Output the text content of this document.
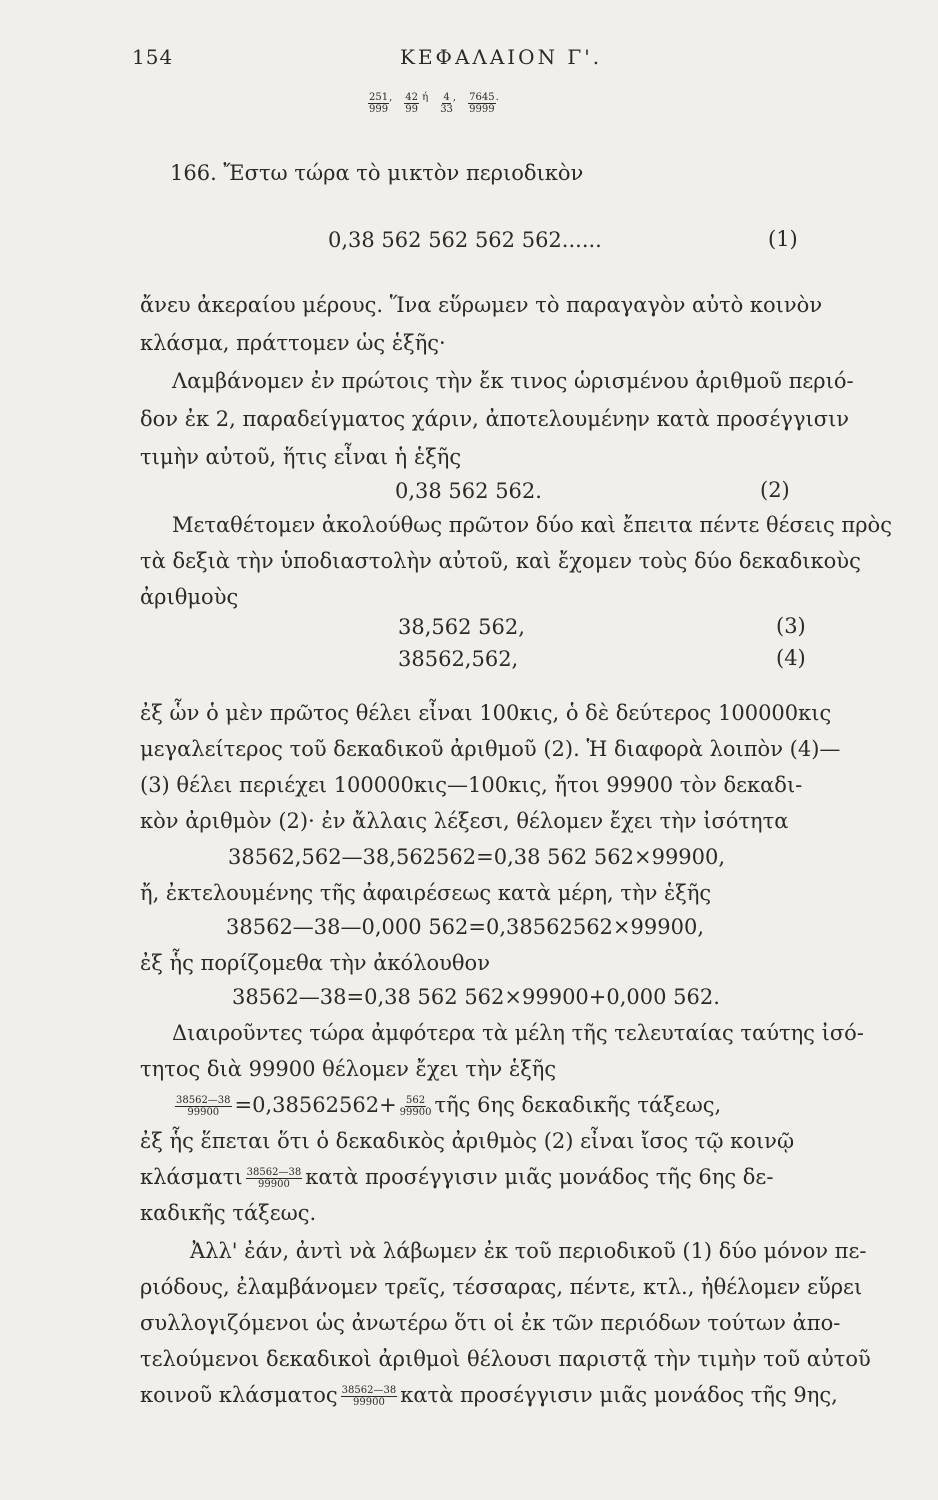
154	ΚΕΦΑΛΑΙΟΝ Γ'.
$\frac{251}{999}$ , $\frac{42}{99}$ ή $\frac{4}{33}$ , $\frac{7645}{9999}$ .
166. Ἔστω τώρα τὸ μικτὸν περιοδικὸν
0,38 562 562 562 562......	(1)
ἄνευ ἀκεραίου μέρους. Ἵνα εὕρωμεν τὸ παραγαγὸν αὐτὸ κοινὸν
κλάσμα, πράττομεν ὡς ἑξῆς·
Λαμβάνομεν ἐν πρώτοις τὴν ἔκ τινος ὡρισμένου ἀριθμοῦ περιό-
δον ἐκ 2, παραδείγματος χάριν, ἀποτελουμένην κατὰ προσέγγισιν
τιμὴν αὐτοῦ, ἥτις εἶναι ἡ ἑξῆς
0,38 562 562.	(2)
Μεταθέτομεν ἀκολούθως πρῶτον δύο καὶ ἔπειτα πέντε θέσεις πρὸς
τὰ δεξιὰ τὴν ὑποδιαστολὴν αὐτοῦ, καὶ ἔχομεν τοὺς δύο δεκαδικοὺς
ἀριθμοὺς
38,562 562,	(3)
38562,562,	(4)
ἐξ ὧν ὁ μὲν πρῶτος θέλει εἶναι 100κις, ὁ δὲ δεύτερος 100000κις
μεγαλείτερος τοῦ δεκαδικοῦ ἀριθμοῦ (2). Ἡ διαφορὰ λοιπὸν (4)—
(3) θέλει περιέχει 100000κις—100κις, ἤτοι 99900 τὸν δεκαδι-
κὸν ἀριθμὸν (2)· ἐν ἄλλαις λέξεσι, θέλομεν ἔχει τὴν ἰσότητα
38562,562—38,562562=0,38 562 562×99900,
ἤ, ἐκτελουμένης τῆς ἀφαιρέσεως κατὰ μέρη, τὴν ἑξῆς
38562—38—0,000 562=0,38562562×99900,
ἐξ ἧς πορίζομεθα τὴν ἀκόλουθον
38562—38=0,38 562 562×99900+0,000 562.
Διαιροῦντες τώρα ἀμφότερα τὰ μέλη τῆς τελευταίας ταύτης ἰσό-
τητος διὰ 99900 θέλομεν ἔχει τὴν ἑξῆς
$\frac{38562—38}{99900} =0,38562562+ \frac{562}{99900}$ τῆς 6ης δεκαδικῆς τάξεως,
ἐξ ἧς ἕπεται ὅτι ὁ δεκαδικὸς ἀριθμὸς (2) εἶναι ἴσος τῷ κοινῷ
κλάσματι $\frac{38562—38}{99900}$ κατὰ προσέγγισιν μιᾶς μονάδος τῆς 6ης δε-
καδικῆς τάξεως.
Ἀλλ' ἐάν, ἀντὶ νὰ λάβωμεν ἐκ τοῦ περιοδικοῦ (1) δύο μόνον πε-
ριόδους, ἐλαμβάνομεν τρεῖς, τέσσαρας, πέντε, κτλ., ἠθέλομεν εὕρει
συλλογιζόμενοι ὡς ἀνωτέρω ὅτι οἱ ἐκ τῶν περιόδων τούτων ἀπο-
τελούμενοι δεκαδικοὶ ἀριθμοὶ θέλουσι παριστᾷ τὴν τιμὴν τοῦ αὐτοῦ
κοινοῦ κλάσματος $\frac{38562—38}{99900}$ κατὰ προσέγγισιν μιᾶς μονάδος τῆς 9ης,
